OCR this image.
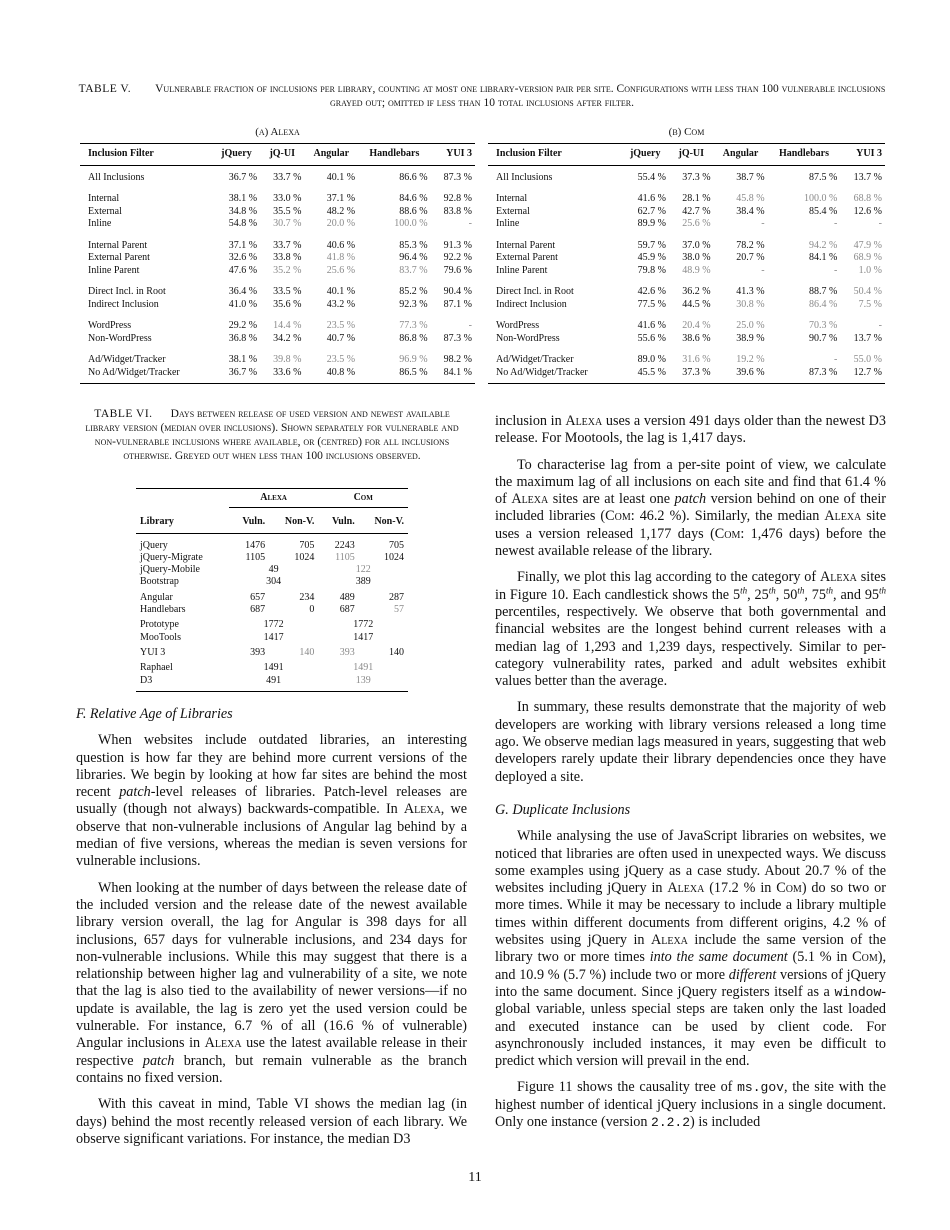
TABLE V. Vulnerable fraction of inclusions per library, counting at most one library-version pair per site. Configurations with less than 100 vulnerable inclusions grayed out; omitted if less than 10 total inclusions after filter.
(a) Alexa	(b) Com
Inclusion Filter	jQuery	jQ-UI	Angular	Handlebars	YUI 3
All Inclusions	36.7 %	33.7 %	40.1 %	86.6 %	87.3 %
Internal	38.1 %	33.0 %	37.1 %	84.6 %	92.8 %
External	34.8 %	35.5 %	48.2 %	88.6 %	83.8 %
Inline	54.8 %	30.7 %	20.0 %	100.0 %	-
Internal Parent	37.1 %	33.7 %	40.6 %	85.3 %	91.3 %
External Parent	32.6 %	33.8 %	41.8 %	96.4 %	92.2 %
Inline Parent	47.6 %	35.2 %	25.6 %	83.7 %	79.6 %
Direct Incl. in Root	36.4 %	33.5 %	40.1 %	85.2 %	90.4 %
Indirect Inclusion	41.0 %	35.6 %	43.2 %	92.3 %	87.1 %
WordPress	29.2 %	14.4 %	23.5 %	77.3 %	-
Non-WordPress	36.8 %	34.2 %	40.7 %	86.8 %	87.3 %
Ad/Widget/Tracker	38.1 %	39.8 %	23.5 %	96.9 %	98.2 %
No Ad/Widget/Tracker	36.7 %	33.6 %	40.8 %	86.5 %	84.1 %
Inclusion Filter	jQuery	jQ-UI	Angular	Handlebars	YUI 3
All Inclusions	55.4 %	37.3 %	38.7 %	87.5 %	13.7 %
Internal	41.6 %	28.1 %	45.8 %	100.0 %	68.8 %
External	62.7 %	42.7 %	38.4 %	85.4 %	12.6 %
Inline	89.9 %	25.6 %	-	-	-
Internal Parent	59.7 %	37.0 %	78.2 %	94.2 %	47.9 %
External Parent	45.9 %	38.0 %	20.7 %	84.1 %	68.9 %
Inline Parent	79.8 %	48.9 %	-	-	1.0 %
Direct Incl. in Root	42.6 %	36.2 %	41.3 %	88.7 %	50.4 %
Indirect Inclusion	77.5 %	44.5 %	30.8 %	86.4 %	7.5 %
WordPress	41.6 %	20.4 %	25.0 %	70.3 %	-
Non-WordPress	55.6 %	38.6 %	38.9 %	90.7 %	13.7 %
Ad/Widget/Tracker	89.0 %	31.6 %	19.2 %	-	55.0 %
No Ad/Widget/Tracker	45.5 %	37.3 %	39.6 %	87.3 %	12.7 %
TABLE VI. Days between release of used version and newest available library version (median over inclusions). Shown separately for vulnerable and non-vulnerable inclusions where available, or (centred) for all inclusions otherwise. Greyed out when less than 100 inclusions observed.
	Alexa		Com	
Library	Vuln.	Non-V.	Vuln.	Non-V.
jQuery	1476	705	2243	705
jQuery-Migrate	1105	1024	1105	1024
jQuery-Mobile	49		122	
Bootstrap	304		389	
Angular	657	234	489	287
Handlebars	687	0	687	57
Prototype	1772		1772	
MooTools	1417		1417	
YUI 3	393	140	393	140
Raphael	1491		1491	
D3	491		139	
F. Relative Age of Libraries

When websites include outdated libraries, an interesting question is how far they are behind more current versions of the libraries. We begin by looking at how far sites are behind the most recent patch-level releases of libraries. Patch-level releases are usually (though not always) backwards-compatible. In Alexa, we observe that non-vulnerable inclusions of Angular lag behind by a median of five versions, whereas the median is seven versions for vulnerable inclusions.

When looking at the number of days between the release date of the included version and the release date of the newest available library version overall, the lag for Angular is 398 days for all inclusions, 657 days for vulnerable inclusions, and 234 days for non-vulnerable inclusions. While this may suggest that there is a relationship between higher lag and vulnerability of a site, we note that the lag is also tied to the availability of newer versions—if no update is available, the lag is zero yet the used version could be vulnerable. For instance, 6.7 % of all (16.6 % of vulnerable) Angular inclusions in Alexa use the latest available release in their respective patch branch, but remain vulnerable as the branch contains no fixed version.

With this caveat in mind, Table VI shows the median lag (in days) behind the most recently released version of each library. We observe significant variations. For instance, the median D3

inclusion in Alexa uses a version 491 days older than the newest D3 release. For Mootools, the lag is 1,417 days.

To characterise lag from a per-site point of view, we calculate the maximum lag of all inclusions on each site and find that 61.4 % of Alexa sites are at least one patch version behind on one of their included libraries (Com: 46.2 %). Similarly, the median Alexa site uses a version released 1,177 days (Com: 1,476 days) before the newest available release of the library.

Finally, we plot this lag according to the category of Alexa sites in Figure 10. Each candlestick shows the 5th, 25th, 50th, 75th, and 95th percentiles, respectively. We observe that both governmental and financial websites are the longest behind current releases with a median lag of 1,293 and 1,239 days, respectively. Similar to per-category vulnerability rates, parked and adult websites exhibit values better than the average.

In summary, these results demonstrate that the majority of web developers are working with library versions released a long time ago. We observe median lags measured in years, suggesting that web developers rarely update their library dependencies once they have deployed a site.

G. Duplicate Inclusions

While analysing the use of JavaScript libraries on websites, we noticed that libraries are often used in unexpected ways. We discuss some examples using jQuery as a case study. About 20.7 % of the websites including jQuery in Alexa (17.2 % in Com) do so two or more times. While it may be necessary to include a library multiple times within different documents from different origins, 4.2 % of websites using jQuery in Alexa include the same version of the library two or more times into the same document (5.1 % in Com), and 10.9 % (5.7 %) include two or more different versions of jQuery into the same document. Since jQuery registers itself as a window-global variable, unless special steps are taken only the last loaded and executed instance can be used by client code. For asynchronously included instances, it may even be difficult to predict which version will prevail in the end.

Figure 11 shows the causality tree of ms.gov, the site with the highest number of identical jQuery inclusions in a single document. Only one instance (version 2.2.2) is included

11
